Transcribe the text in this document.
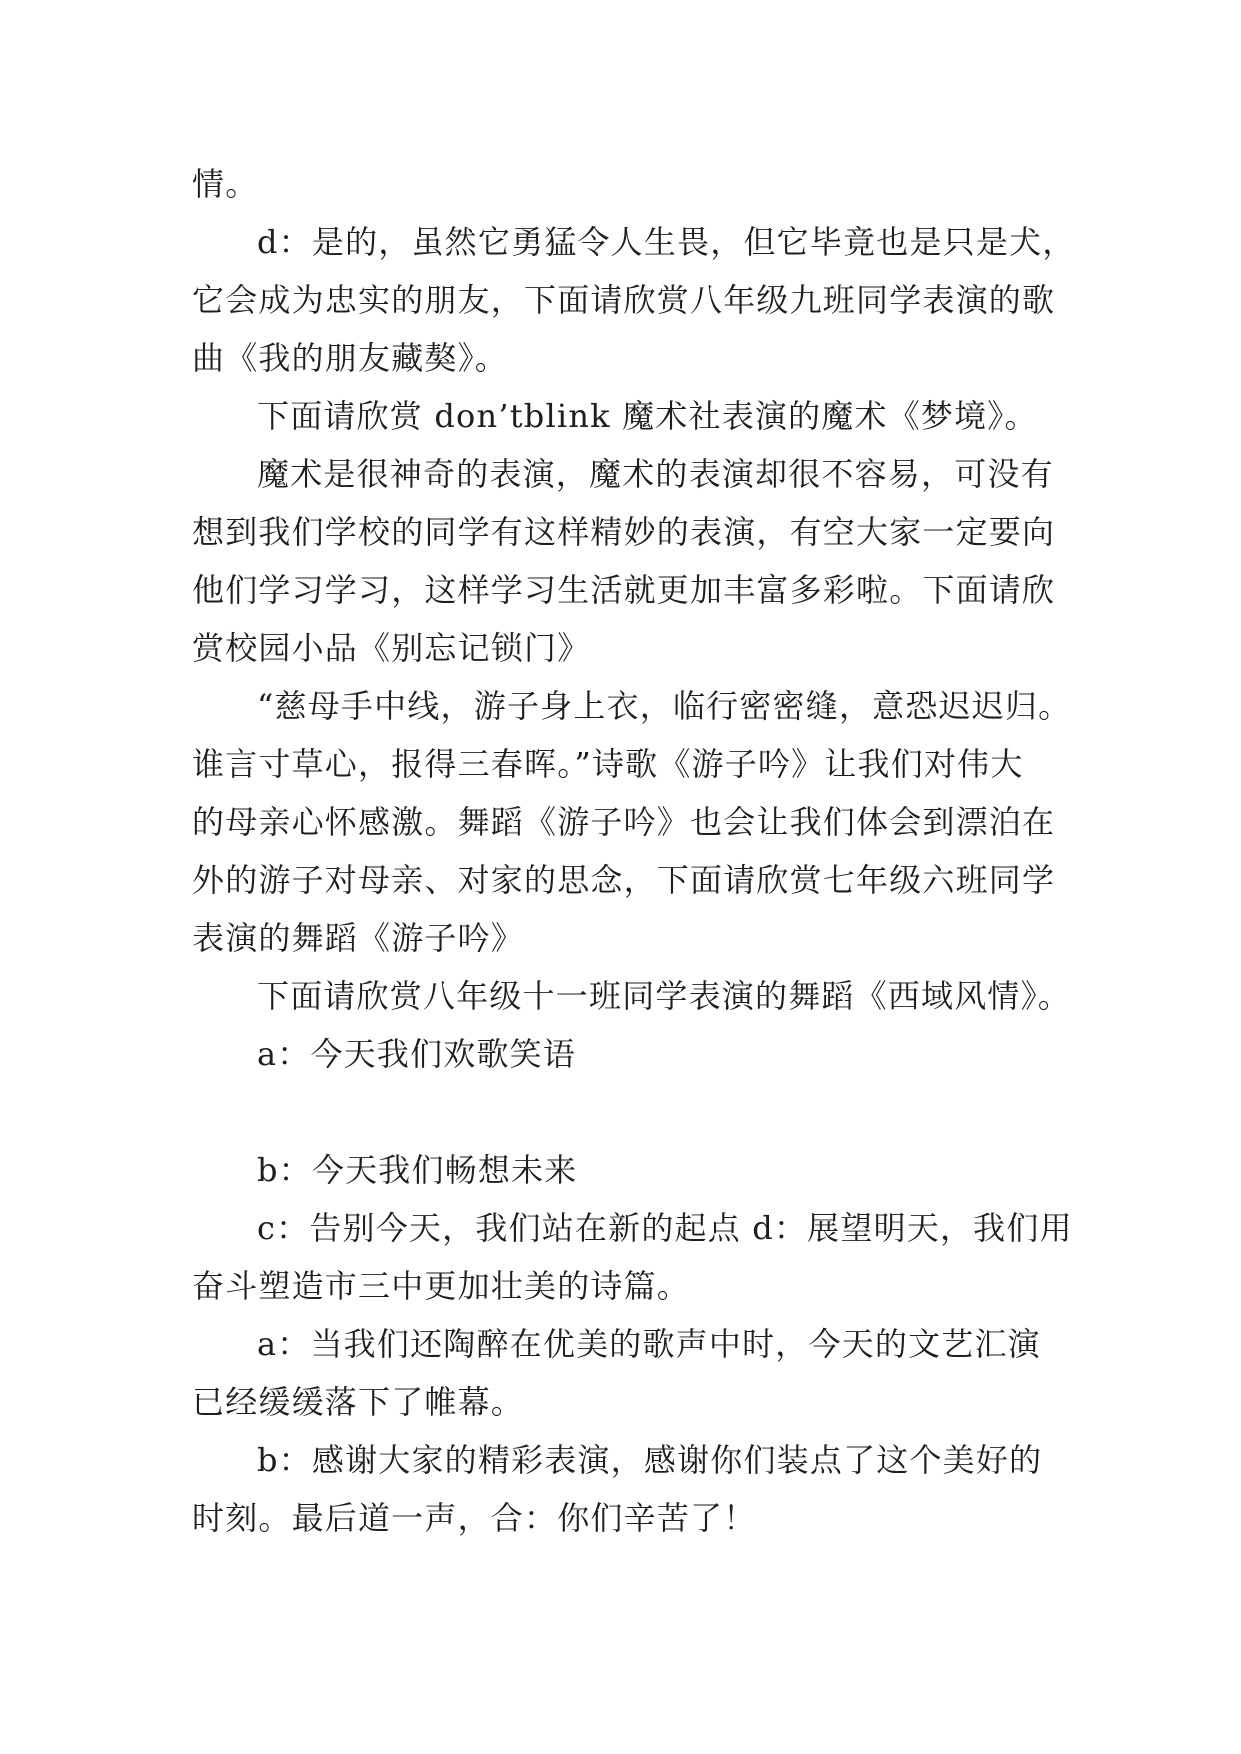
情。
d：是的，虽然它勇猛令人生畏，但它毕竟也是只是犬，
它会成为忠实的朋友，下面请欣赏八年级九班同学表演的歌
曲《我的朋友藏獒》。
下面请欣赏 don’tblink 魔术社表演的魔术《梦境》。
魔术是很神奇的表演，魔术的表演却很不容易，可没有
想到我们学校的同学有这样精妙的表演，有空大家一定要向
他们学习学习，这样学习生活就更加丰富多彩啦。下面请欣
赏校园小品《别忘记锁门》
“慈母手中线，游子身上衣，临行密密缝，意恐迟迟归。
谁言寸草心，报得三春晖。”诗歌《游子吟》让我们对伟大
的母亲心怀感激。舞蹈《游子吟》也会让我们体会到漂泊在
外的游子对母亲、对家的思念，下面请欣赏七年级六班同学
表演的舞蹈《游子吟》
下面请欣赏八年级十一班同学表演的舞蹈《西域风情》。
a：今天我们欢歌笑语
b：今天我们畅想未来
c：告别今天，我们站在新的起点 d：展望明天，我们用
奋斗塑造市三中更加壮美的诗篇。
a：当我们还陶醉在优美的歌声中时，今天的文艺汇演
已经缓缓落下了帷幕。
b：感谢大家的精彩表演，感谢你们装点了这个美好的
时刻。最后道一声，合：你们辛苦了！
